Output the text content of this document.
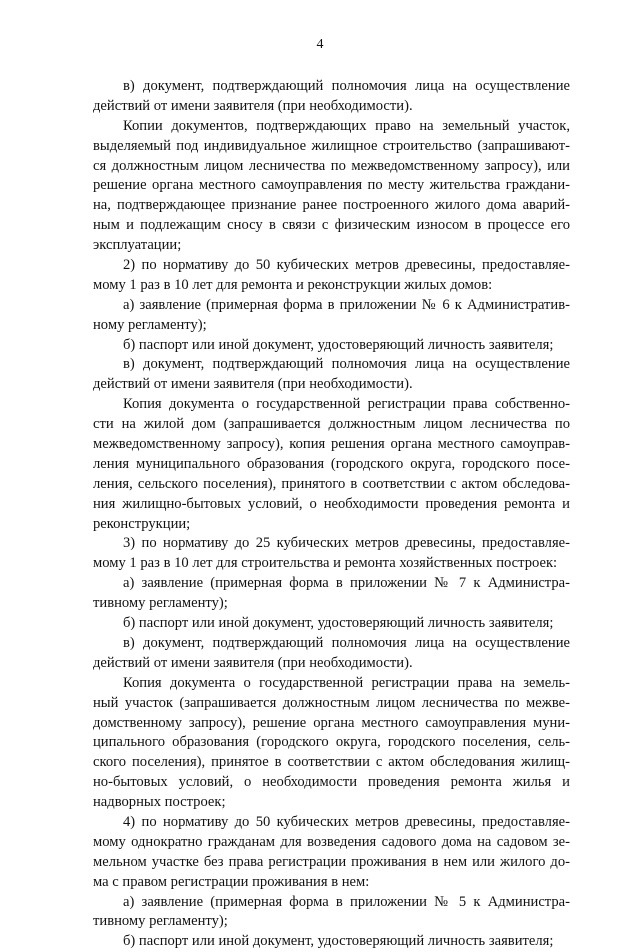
4
в) документ, подтверждающий полномочия лица на осуществление
действий от имени заявителя (при необходимости).
Копии документов, подтверждающих право на земельный участок,
выделяемый под индивидуальное жилищное строительство (запрашивают-
ся должностным лицом лесничества по межведомственному запросу), или
решение органа местного самоуправления по месту жительства граждани-
на, подтверждающее признание ранее построенного жилого дома аварий-
ным и подлежащим сносу в связи с физическим износом в процессе его
эксплуатации;
2) по нормативу до 50 кубических метров древесины, предоставляе-
мому 1 раз в 10 лет для ремонта и реконструкции жилых домов:
а) заявление (примерная форма в приложении № 6 к Административ-
ному регламенту);
б) паспорт или иной документ, удостоверяющий личность заявителя;
в) документ, подтверждающий полномочия лица на осуществление
действий от имени заявителя (при необходимости).
Копия документа о государственной регистрации права собственно-
сти на жилой дом (запрашивается должностным лицом лесничества по
межведомственному запросу), копия решения органа местного самоуправ-
ления муниципального образования (городского округа, городского посе-
ления, сельского поселения), принятого в соответствии с актом обследова-
ния жилищно-бытовых условий, о необходимости проведения ремонта и
реконструкции;
3) по нормативу до 25 кубических метров древесины, предоставляе-
мому 1 раз в 10 лет для строительства и ремонта хозяйственных построек:
а) заявление (примерная форма в приложении № 7 к Администра-
тивному регламенту);
б) паспорт или иной документ, удостоверяющий личность заявителя;
в) документ, подтверждающий полномочия лица на осуществление
действий от имени заявителя (при необходимости).
Копия документа о государственной регистрации права на земель-
ный участок (запрашивается должностным лицом лесничества по межве-
домственному запросу), решение органа местного самоуправления муни-
ципального образования (городского округа, городского поселения, сель-
ского поселения), принятое в соответствии с актом обследования жилищ-
но-бытовых условий, о необходимости проведения ремонта жилья и
надворных построек;
4) по нормативу до 50 кубических метров древесины, предоставляе-
мому однократно гражданам для возведения садового дома на садовом зе-
мельном участке без права регистрации проживания в нем или жилого до-
ма с правом регистрации проживания в нем:
а) заявление (примерная форма в приложении № 5 к Администра-
тивному регламенту);
б) паспорт или иной документ, удостоверяющий личность заявителя;
